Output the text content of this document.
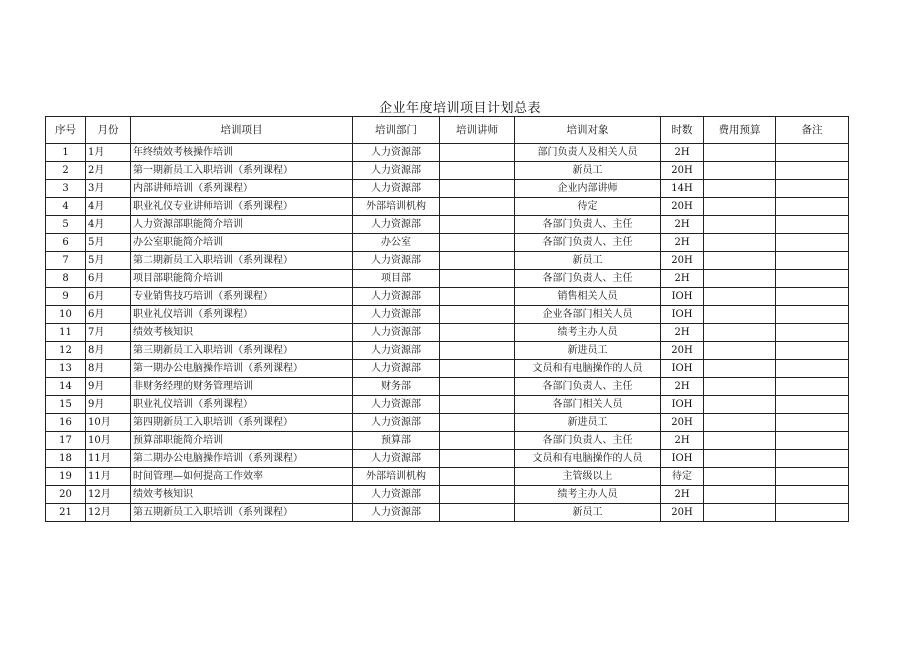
企业年度培训项目计划总表
序号	月份	培训项目	培训部门	培训讲师	培训对象	时数	费用预算	备注
1	1月	年终绩效考核操作培训	人力资源部		部门负责人及相关人员	2H		
2	2月	第一期新员工入职培训（系列课程）	人力资源部		新员工	20H		
3	3月	内部讲师培训（系列课程）	人力资源部		企业内部讲师	14H		
4	4月	职业礼仪专业讲师培训（系列课程）	外部培训机构		待定	20H		
5	4月	人力资源部职能简介培训	人力资源部		各部门负责人、主任	2H		
6	5月	办公室职能简介培训	办公室		各部门负责人、主任	2H		
7	5月	第二期新员工入职培训（系列课程）	人力资源部		新员工	20H		
8	6月	项目部职能简介培训	项目部		各部门负责人、主任	2H		
9	6月	专业销售技巧培训（系列课程）	人力资源部		销售相关人员	IOH		
10	6月	职业礼仪培训（系列课程）	人力资源部		企业各部门相关人员	IOH		
11	7月	绩效考核知识	人力资源部		绩考主办人员	2H		
12	8月	第三期新员工入职培训（系列课程）	人力资源部		新进员工	20H		
13	8月	第一期办公电脑操作培训（系列课程）	人力资源部		文员和有电脑操作的人员	IOH		
14	9月	非财务经理的财务管理培训	财务部		各部门负责人、主任	2H		
15	9月	职业礼仪培训（系列课程）	人力资源部		各部门相关人员	IOH		
16	10月	第四期新员工入职培训（系列课程）	人力资源部		新进员工	20H		
17	10月	预算部职能简介培训	预算部		各部门负责人、主任	2H		
18	11月	第二期办公电脑操作培训（系列课程）	人力资源部		文员和有电脑操作的人员	IOH		
19	11月	时间管理—如何提高工作效率	外部培训机构		主管级以上	待定		
20	12月	绩效考核知识	人力资源部		绩考主办人员	2H		
21	12月	第五期新员工入职培训（系列课程）	人力资源部		新员工	20H		
